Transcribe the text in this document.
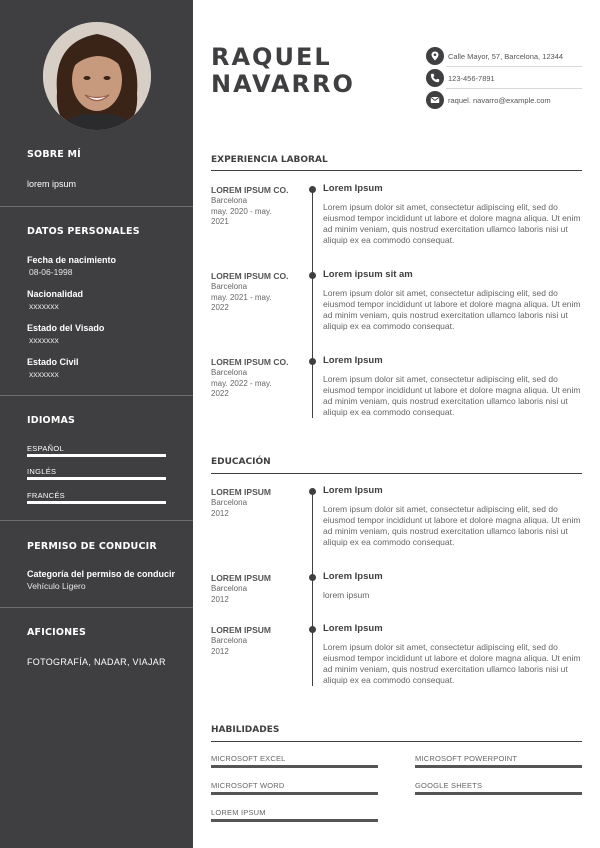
SOBRE MÍ
lorem ipsum
DATOS PERSONALES
Fecha de nacimiento
08-06-1998
Nacionalidad
xxxxxxx
Estado del Visado
xxxxxxx
Estado Civil
xxxxxxx
IDIOMAS
ESPAÑOL
INGLÉS
FRANCÉS
PERMISO DE CONDUCIR
Categoría del permiso de conducir
Vehículo Ligero
AFICIONES
FOTOGRAFÍA, NADAR, VIAJAR
RAQUEL
NAVARRO
Calle Mayor, 57, Barcelona, 12344
123-456-7891
raquel. navarro@example.com
EXPERIENCIA LABORAL
LOREM IPSUM CO.
Barcelona
may. 2020 - may.
2021
Lorem Ipsum
Lorem ipsum dolor sit amet, consectetur adipiscing elit, sed do eiusmod tempor incididunt ut labore et dolore magna aliqua. Ut enim ad minim veniam, quis nostrud exercitation ullamco laboris nisi ut aliquip ex ea commodo consequat.
LOREM IPSUM CO.
Barcelona
may. 2021 - may.
2022
Lorem ipsum sit am
Lorem ipsum dolor sit amet, consectetur adipiscing elit, sed do eiusmod tempor incididunt ut labore et dolore magna aliqua. Ut enim ad minim veniam, quis nostrud exercitation ullamco laboris nisi ut aliquip ex ea commodo consequat.
LOREM IPSUM CO.
Barcelona
may. 2022 - may.
2022
Lorem Ipsum
Lorem ipsum dolor sit amet, consectetur adipiscing elit, sed do eiusmod tempor incididunt ut labore et dolore magna aliqua. Ut enim ad minim veniam, quis nostrud exercitation ullamco laboris nisi ut aliquip ex ea commodo consequat.
EDUCACIÓN
LOREM IPSUM
Barcelona
2012
Lorem Ipsum
Lorem ipsum dolor sit amet, consectetur adipiscing elit, sed do eiusmod tempor incididunt ut labore et dolore magna aliqua. Ut enim ad minim veniam, quis nostrud exercitation ullamco laboris nisi ut aliquip ex ea commodo consequat.
LOREM IPSUM
Barcelona
2012
Lorem Ipsum
lorem ipsum
LOREM IPSUM
Barcelona
2012
Lorem Ipsum
Lorem ipsum dolor sit amet, consectetur adipiscing elit, sed do eiusmod tempor incididunt ut labore et dolore magna aliqua. Ut enim ad minim veniam, quis nostrud exercitation ullamco laboris nisi ut aliquip ex ea commodo consequat.
HABILIDADES
MICROSOFT EXCEL	MICROSOFT POWERPOINT
MICROSOFT WORD	GOOGLE SHEETS
LOREM IPSUM
